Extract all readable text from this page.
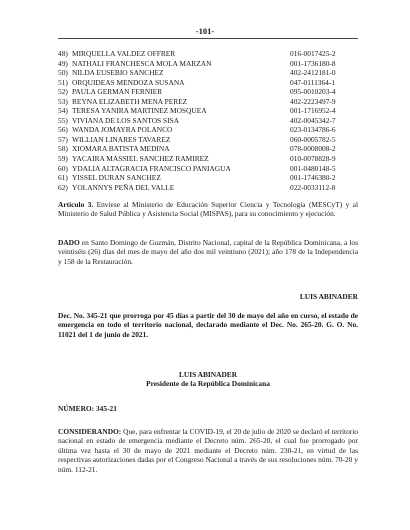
-101-
48) MIRQUELLA VALDEZ OFFRER	016-0017425-2
49) NATHALI FRANCHESCA MOLA MARZAN	001-1736180-8
50) NILDA EUSEBIO SANCHEZ	402-2412181-0
51) ORQUIDEAS MENDOZA SUSANA	047-0111364-1
52) PAULA GERMAN FERNIER	095-0010203-4
53) REYNA ELIZABETH MENA PEREZ	402-2223497-9
54) TERESA YANIRA MARTINEZ MOSQUEA	001-1716952-4
55) VIVIANA DE LOS SANTOS SISA	402-0045342-7
56) WANDA JOMAYRA POLANCO	023-0134786-6
57) WILLIAN LINARES TAVAREZ	060-0005782-5
58) XIOMARA BATISTA MEDINA	078-0008008-2
59) YACAIRA MASSIEL SANCHEZ RAMIREZ	010-0078828-9
60) YDALIA ALTAGRACIA FRANCISCO PANIAGUA	001-0480148-5
61) YISSEL DURAN SANCHEZ	001-1746380-2
62) YOLANNYS PEÑA DEL VALLE	022-0033112-8

Artículo 3. Envíese al Ministerio de Educación Superior Ciencia y Tecnología (MESCyT) y al Ministerio de Salud Pública y Asistencia Social (MISPAS), para su conocimiento y ejecución.

DADO en Santo Domingo de Guzmán, Distrito Nacional, capital de la República Dominicana, a los veintiséis (26) días del mes de mayo del año dos mil veintiuno (2021); año 178 de la Independencia y 158 de la Restauración.

LUIS ABINADER

Dec. No. 345-21 que prorroga por 45 días a partir del 30 de mayo del año en curso, el estado de emergencia en todo el territorio nacional, declarado mediante el Dec. No. 265-20. G. O. No. 11021 del 1 de junio de 2021.

LUIS ABINADER
Presidente de la República Dominicana

NÚMERO: 345-21

CONSIDERANDO: Que, para enfrentar la COVID-19, el 20 de julio de 2020 se declaró el territorio nacional en estado de emergencia mediante el Decreto núm. 265-20, el cual fue prorrogado por última vez hasta el 30 de mayo de 2021 mediante el Decreto núm. 230-21, en virtud de las respectivas autorizaciones dadas por el Congreso Nacional a través de sus resoluciones núm. 70-20 y núm. 112-21.
